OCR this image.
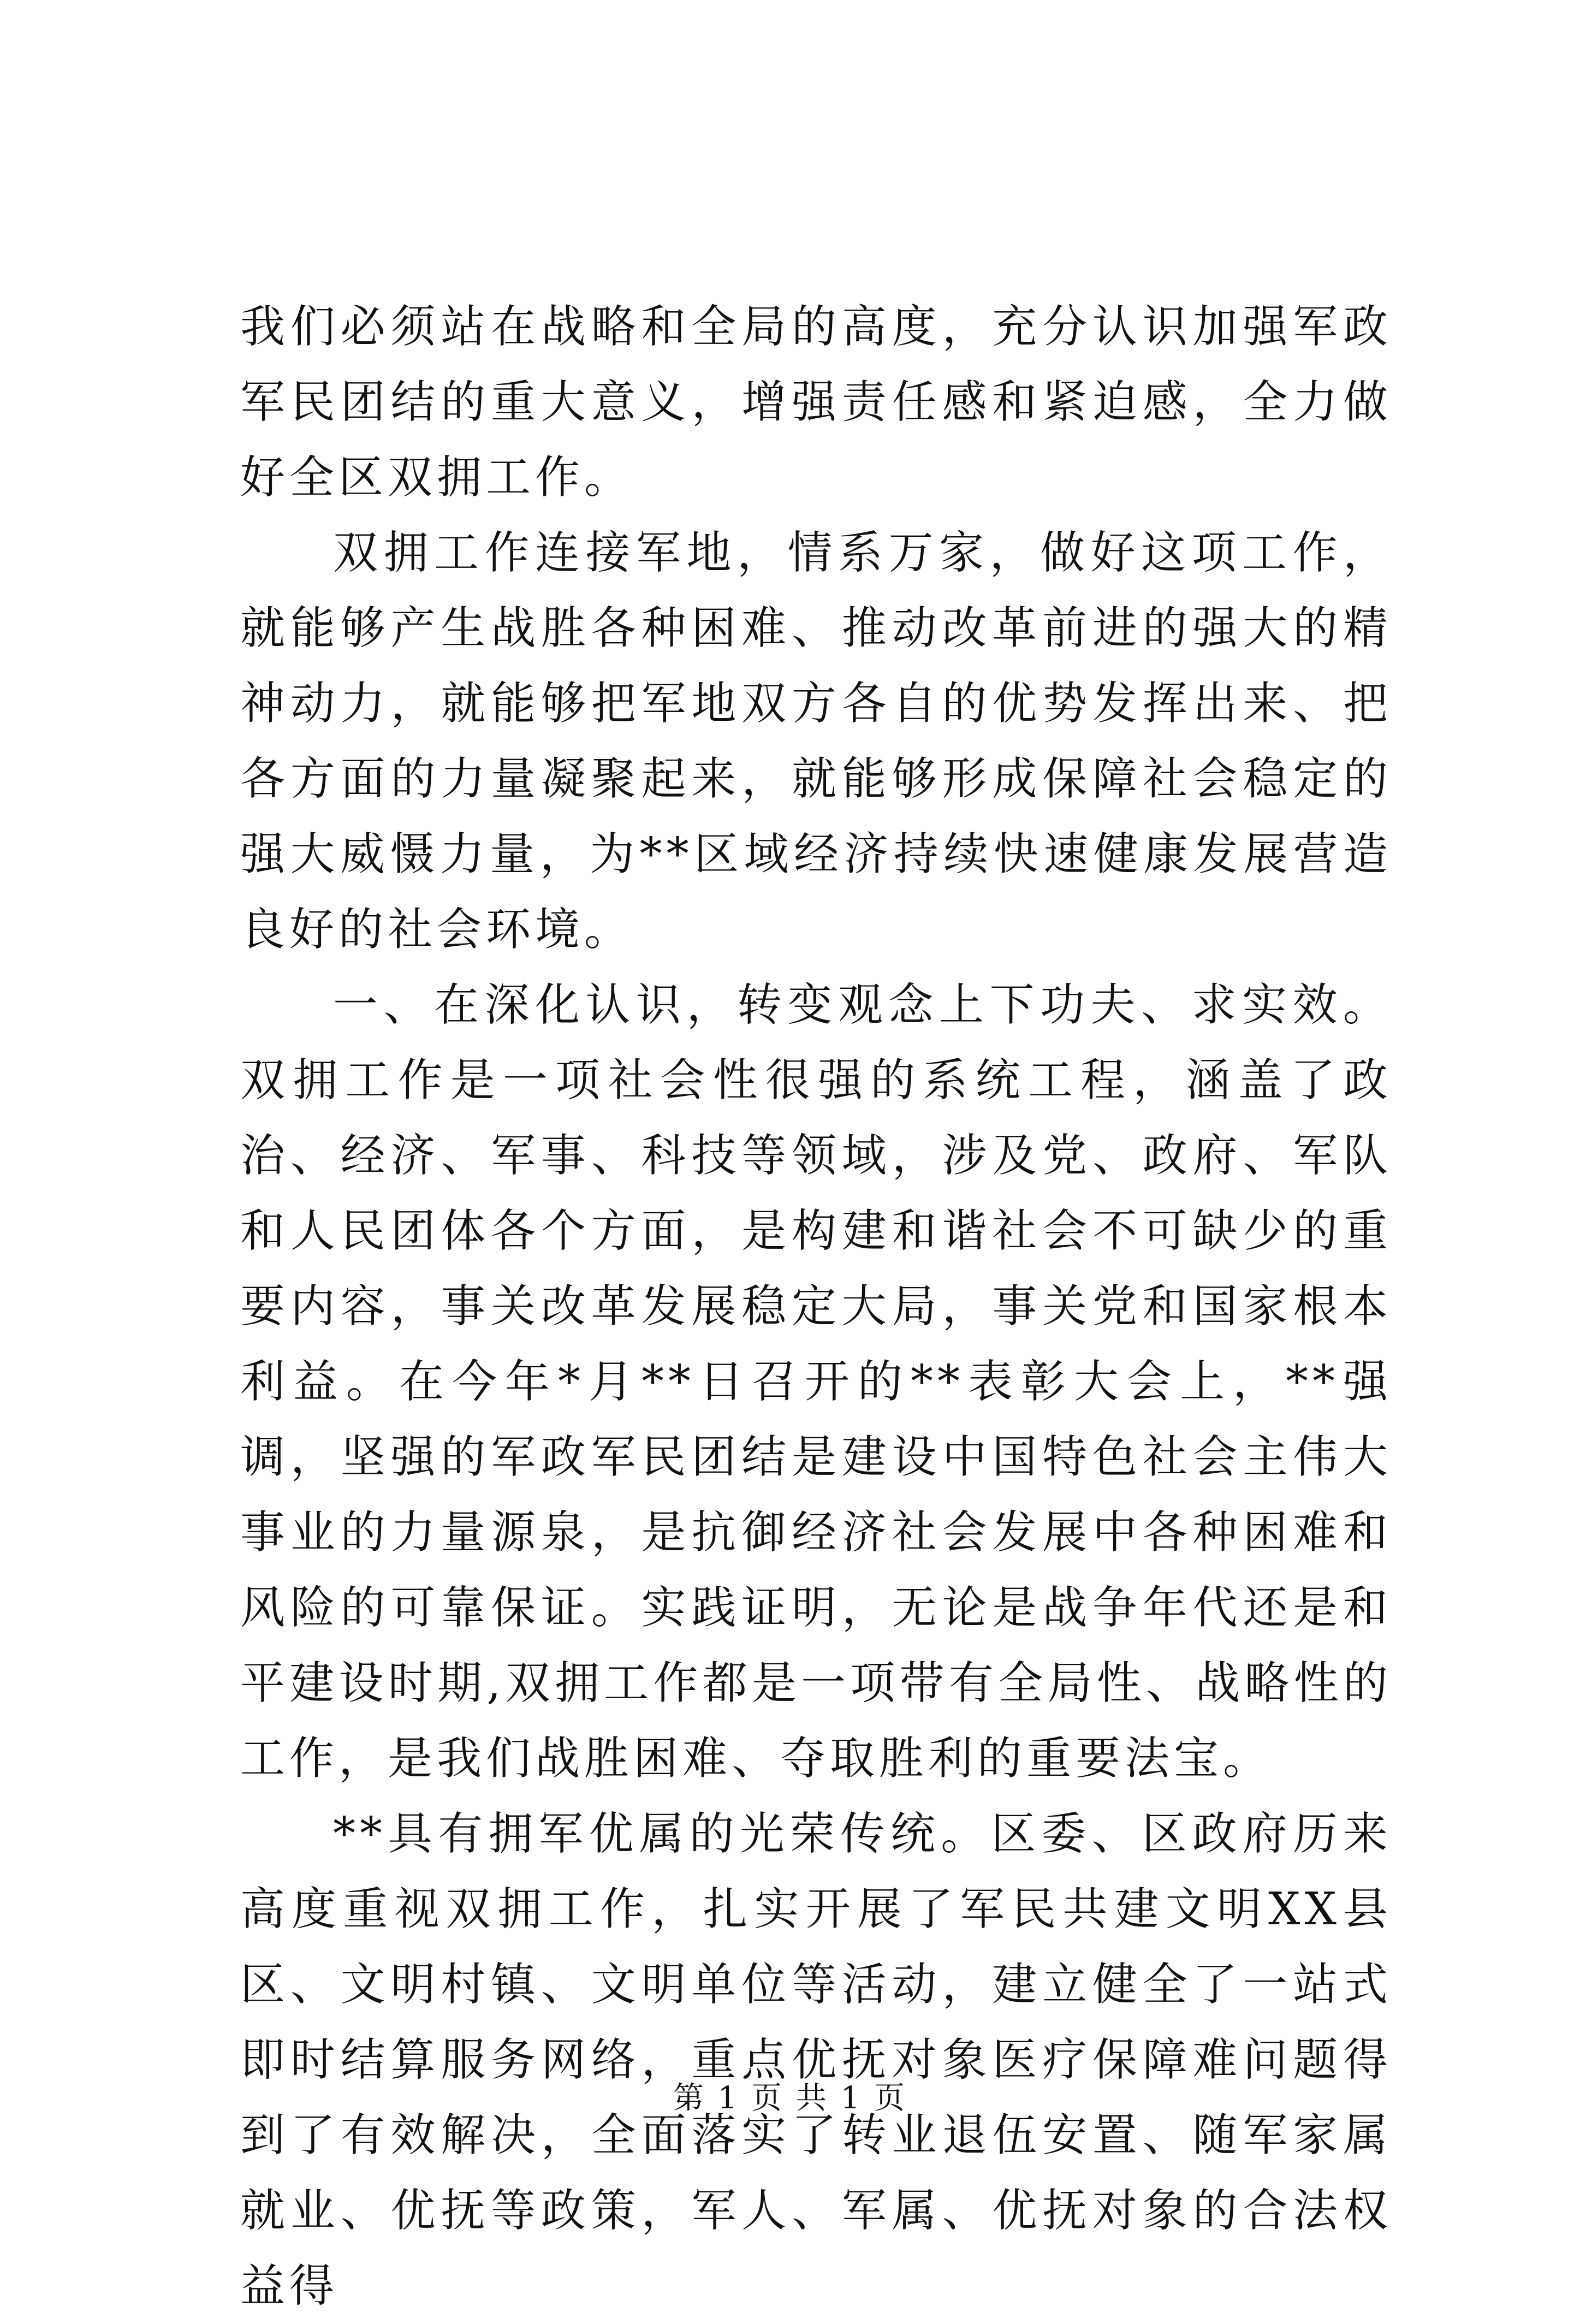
我们必须站在战略和全局的高度，充分认识加强军政军民团结的重大意义，增强责任感和紧迫感，全力做好全区双拥工作。

双拥工作连接军地，情系万家，做好这项工作，就能够产生战胜各种困难、推动改革前进的强大的精神动力，就能够把军地双方各自的优势发挥出来、把各方面的力量凝聚起来，就能够形成保障社会稳定的强大威慑力量，为**区域经济持续快速健康发展营造良好的社会环境。

一、在深化认识，转变观念上下功夫、求实效。双拥工作是一项社会性很强的系统工程，涵盖了政治、经济、军事、科技等领域，涉及党、政府、军队和人民团体各个方面，是构建和谐社会不可缺少的重要内容，事关改革发展稳定大局，事关党和国家根本利益。在今年*月**日召开的**表彰大会上，**强调，坚强的军政军民团结是建设中国特色社会主伟大事业的力量源泉，是抗御经济社会发展中各种困难和风险的可靠保证。实践证明，无论是战争年代还是和平建设时期,双拥工作都是一项带有全局性、战略性的工作，是我们战胜困难、夺取胜利的重要法宝。

**具有拥军优属的光荣传统。区委、区政府历来高度重视双拥工作，扎实开展了军民共建文明XX县区、文明村镇、文明单位等活动，建立健全了一站式即时结算服务网络，重点优抚对象医疗保障难问题得到了有效解决，全面落实了转业退伍安置、随军家属就业、优抚等政策，军人、军属、优抚对象的合法权益得

第 1 页 共 1 页
